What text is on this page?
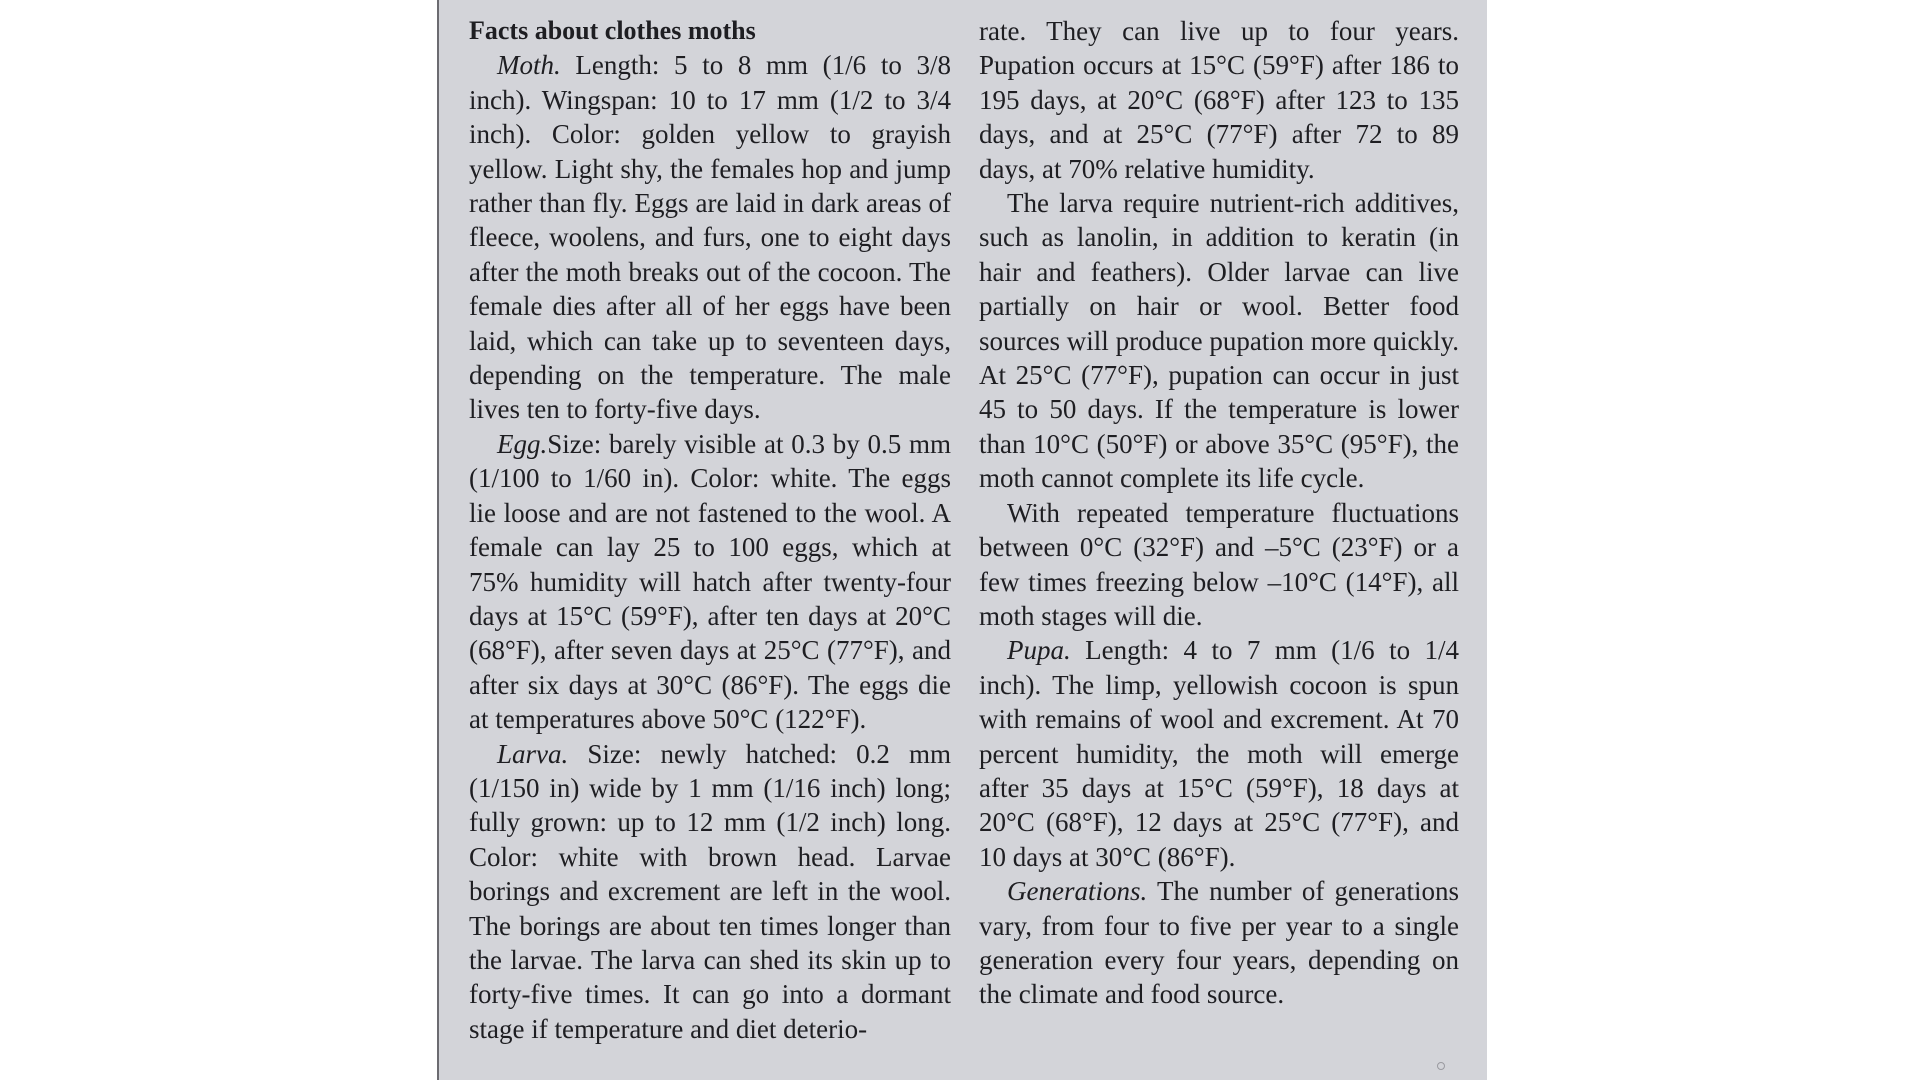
Facts about clothes moths

Moth. Length: 5 to 8 mm (1/6 to 3/8 inch). Wingspan: 10 to 17 mm (1/2 to 3/4 inch). Color: golden yellow to grayish yellow. Light shy, the females hop and jump rather than fly. Eggs are laid in dark areas of fleece, woolens, and furs, one to eight days after the moth breaks out of the cocoon. The female dies after all of her eggs have been laid, which can take up to seventeen days, depending on the temperature. The male lives ten to forty-five days.

Egg.Size: barely visible at 0.3 by 0.5 mm (1/100 to 1/60 in). Color: white. The eggs lie loose and are not fastened to the wool. A female can lay 25 to 100 eggs, which at 75% humidity will hatch after twenty-four days at 15°C (59°F), after ten days at 20°C (68°F), after seven days at 25°C (77°F), and after six days at 30°C (86°F). The eggs die at temperatures above 50°C (122°F).

Larva. Size: newly hatched: 0.2 mm (1/150 in) wide by 1 mm (1/16 inch) long; fully grown: up to 12 mm (1/2 inch) long. Color: white with brown head. Larvae borings and excrement are left in the wool. The borings are about ten times longer than the larvae. The larva can shed its skin up to forty-five times. It can go into a dormant stage if temperature and diet deterio-

rate. They can live up to four years. Pupation occurs at 15°C (59°F) after 186 to 195 days, at 20°C (68°F) after 123 to 135 days, and at 25°C (77°F) after 72 to 89 days, at 70% relative humidity.

The larva require nutrient-rich additives, such as lanolin, in addition to keratin (in hair and feathers). Older larvae can live partially on hair or wool. Better food sources will produce pupation more quickly. At 25°C (77°F), pupation can occur in just 45 to 50 days. If the temperature is lower than 10°C (50°F) or above 35°C (95°F), the moth cannot complete its life cycle.

With repeated temperature fluctuations between 0°C (32°F) and –5°C (23°F) or a few times freezing below –10°C (14°F), all moth stages will die.

Pupa. Length: 4 to 7 mm (1/6 to 1/4 inch). The limp, yellowish cocoon is spun with remains of wool and excrement. At 70 percent humidity, the moth will emerge after 35 days at 15°C (59°F), 18 days at 20°C (68°F), 12 days at 25°C (77°F), and 10 days at 30°C (86°F).

Generations. The number of generations vary, from four to five per year to a single generation every four years, depending on the climate and food source.
